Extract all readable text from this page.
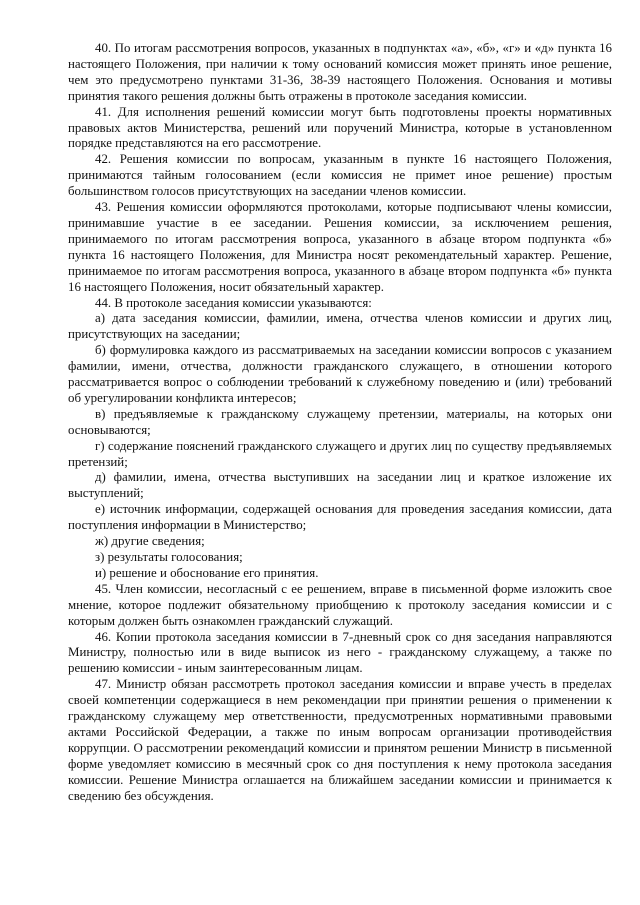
40. По итогам рассмотрения вопросов, указанных в подпунктах «а», «б», «г» и «д» пункта 16 настоящего Положения, при наличии к тому оснований комиссия может принять иное решение, чем это предусмотрено пунктами 31-36, 38-39 настоящего Положения. Основания и мотивы принятия такого решения должны быть отражены в протоколе заседания комиссии.

41. Для исполнения решений комиссии могут быть подготовлены проекты нормативных правовых актов Министерства, решений или поручений Министра, которые в установленном порядке представляются на его рассмотрение.

42. Решения комиссии по вопросам, указанным в пункте 16 настоящего Положения, принимаются тайным голосованием (если комиссия не примет иное решение) простым большинством голосов присутствующих на заседании членов комиссии.

43. Решения комиссии оформляются протоколами, которые подписывают члены комиссии, принимавшие участие в ее заседании. Решения комиссии, за исключением решения, принимаемого по итогам рассмотрения вопроса, указанного в абзаце втором подпункта «б» пункта 16 настоящего Положения, для Министра носят рекомендательный характер. Решение, принимаемое по итогам рассмотрения вопроса, указанного в абзаце втором подпункта «б» пункта 16 настоящего Положения, носит обязательный характер.

44. В протоколе заседания комиссии указываются:

а) дата заседания комиссии, фамилии, имена, отчества членов комиссии и других лиц, присутствующих на заседании;

б) формулировка каждого из рассматриваемых на заседании комиссии вопросов с указанием фамилии, имени, отчества, должности гражданского служащего, в отношении которого рассматривается вопрос о соблюдении требований к служебному поведению и (или) требований об урегулировании конфликта интересов;

в) предъявляемые к гражданскому служащему претензии, материалы, на которых они основываются;

г) содержание пояснений гражданского служащего и других лиц по существу предъявляемых претензий;

д) фамилии, имена, отчества выступивших на заседании лиц и краткое изложение их выступлений;

е) источник информации, содержащей основания для проведения заседания комиссии, дата поступления информации в Министерство;

ж) другие сведения;

з) результаты голосования;

и) решение и обоснование его принятия.

45. Член комиссии, несогласный с ее решением, вправе в письменной форме изложить свое мнение, которое подлежит обязательному приобщению к протоколу заседания комиссии и с которым должен быть ознакомлен гражданский служащий.

46. Копии протокола заседания комиссии в 7-дневный срок со дня заседания направляются Министру, полностью или в виде выписок из него - гражданскому служащему, а также по решению комиссии - иным заинтересованным лицам.

47. Министр обязан рассмотреть протокол заседания комиссии и вправе учесть в пределах своей компетенции содержащиеся в нем рекомендации при принятии решения о применении к гражданскому служащему мер ответственности, предусмотренных нормативными правовыми актами Российской Федерации, а также по иным вопросам организации противодействия коррупции. О рассмотрении рекомендаций комиссии и принятом решении Министр в письменной форме уведомляет комиссию в месячный срок со дня поступления к нему протокола заседания комиссии. Решение Министра оглашается на ближайшем заседании комиссии и принимается к сведению без обсуждения.
